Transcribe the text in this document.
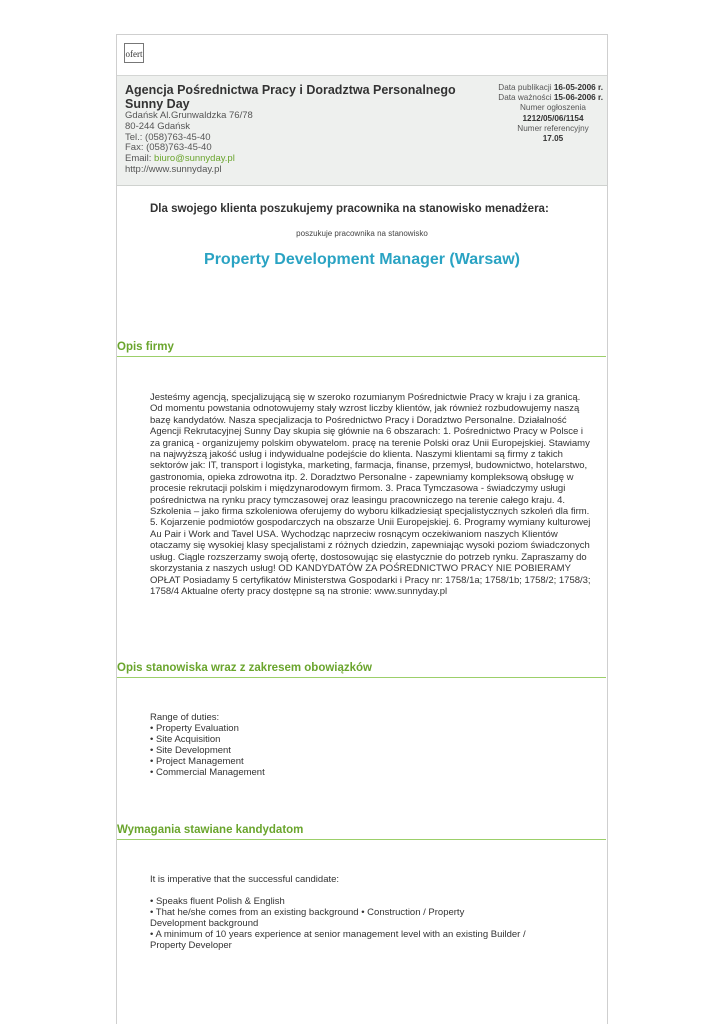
ofert
Agencja Pośrednictwa Pracy i Doradztwa Personalnego
Sunny Day
Gdańsk Al.Grunwaldzka 76/78
80-244 Gdańsk
Tel.: (058)763-45-40
Fax: (058)763-45-40
Email: biuro@sunnyday.pl
http://www.sunnyday.pl
Data publikacji 16-05-2006 r.
Data ważności 15-06-2006 r.
Numer ogłoszenia
1212/05/06/1154
Numer referencyjny
17.05
Dla swojego klienta poszukujemy pracownika na stanowisko menadżera:
poszukuje pracownika na stanowisko
Property Development Manager (Warsaw)
Opis firmy

Jesteśmy agencją, specjalizującą się w szeroko rozumianym Pośrednictwie Pracy w kraju i za granicą.

Od momentu powstania odnotowujemy stały wzrost liczby klientów, jak również rozbudowujemy naszą

bazę kandydatów. Nasza specjalizacja to Pośrednictwo Pracy i Doradztwo Personalne. Działalność

Agencji Rekrutacyjnej Sunny Day skupia się głównie na 6 obszarach: 1. Pośrednictwo Pracy w Polsce i

za granicą - organizujemy polskim obywatelom. pracę na terenie Polski oraz Unii Europejskiej. Stawiamy

na najwyższą jakość usług i indywidualne podejście do klienta. Naszymi klientami są firmy z takich

sektorów jak: IT, transport i logistyka, marketing, farmacja, finanse, przemysł, budownictwo, hotelarstwo,

gastronomia, opieka zdrowotna itp. 2. Doradztwo Personalne - zapewniamy kompleksową obsługę w

procesie rekrutacji polskim i międzynarodowym firmom. 3. Praca Tymczasowa - świadczymy usługi

pośrednictwa na rynku pracy tymczasowej oraz leasingu pracowniczego na terenie całego kraju. 4.

Szkolenia – jako firma szkoleniowa oferujemy do wyboru kilkadziesiąt specjalistycznych szkoleń dla firm.

5. Kojarzenie podmiotów gospodarczych na obszarze Unii Europejskiej. 6. Programy wymiany kulturowej

Au Pair i Work and Tavel USA. Wychodząc naprzeciw rosnącym oczekiwaniom naszych Klientów

otaczamy się wysokiej klasy specjalistami z różnych dziedzin, zapewniając wysoki poziom świadczonych

usług. Ciągle rozszerzamy swoją ofertę, dostosowując się elastycznie do potrzeb rynku. Zapraszamy do

skorzystania z naszych usług! OD KANDYDATÓW ZA POŚREDNICTWO PRACY NIE POBIERAMY

OPŁAT Posiadamy 5 certyfikatów Ministerstwa Gospodarki i Pracy nr: 1758/1a; 1758/1b; 1758/2; 1758/3;

1758/4 Aktualne oferty pracy dostępne są na stronie: www.sunnyday.pl

Opis stanowiska wraz z zakresem obowiązków
Range of duties:
• Property Evaluation
• Site Acquisition
• Site Development
• Project Management
• Commercial Management
Wymagania stawiane kandydatom
It is imperative that the successful candidate:
• Speaks fluent Polish & English
• That he/she comes from an existing background • Construction / Property
Development background
• A minimum of 10 years experience at senior management level with an existing Builder /
Property Developer
